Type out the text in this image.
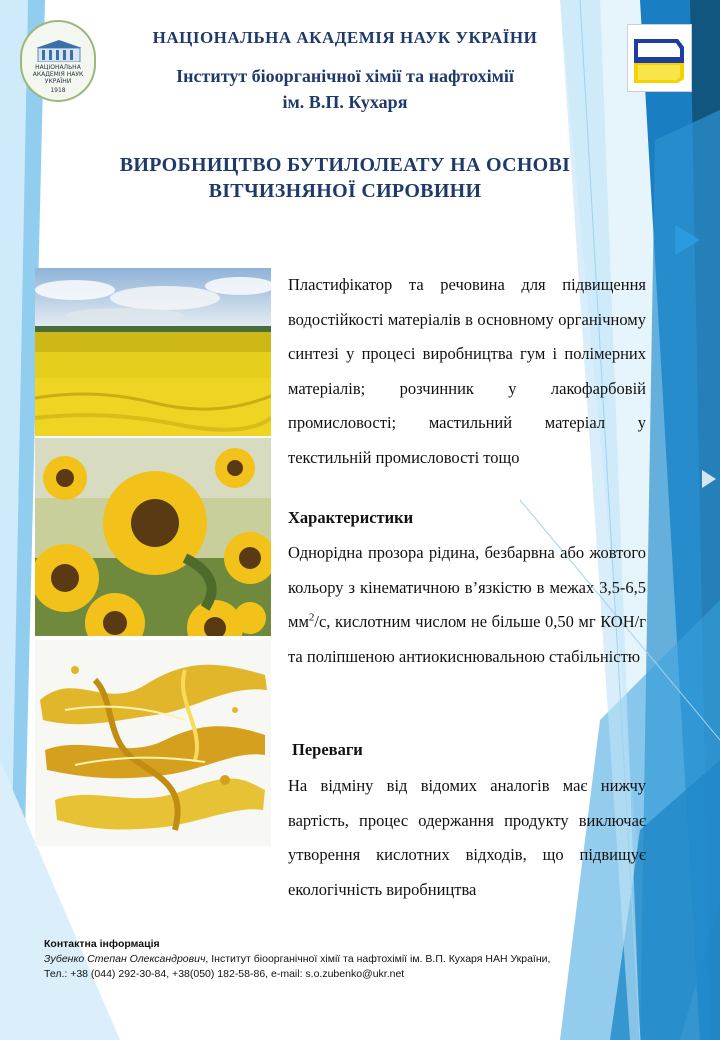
НАЦІОНАЛЬНА АКАДЕМІЯ НАУК УКРАЇНИ
1918
НАЦІОНАЛЬНА АКАДЕМІЯ НАУК УКРАЇНИ
Інститут біоорганічної хімії та нафтохімії
ім. В.П. Кухаря
ВИРОБНИЦТВО БУТИЛОЛЕАТУ НА ОСНОВІ
ВІТЧИЗНЯНОЇ СИРОВИНИ
Пластифікатор та речовина для підвищення водостійкості матеріалів в основному органічному синтезі у процесі виробництва гум і полімерних матеріалів; розчинник у лакофарбовій промисловості; мастильний матеріал у текстильній промисловості тощо
Характеристики
Однорідна прозора рідина, безбарвна або жовтого кольору з кінематичною в’язкістю в межах 3,5-6,5 $мм^2/с$, кислотним числом не більше 0,50 мг КОН/г та поліпшеною антиокиснювальною стабільністю
Переваги
На відміну від відомих аналогів має нижчу вартість, процес одержання продукту виключає утворення кислотних відходів, що підвищує екологічність виробництва
Контактна інформація
Зубенко Степан Олександрович, Інститут біоорганічної хімії та нафтохімії ім. В.П. Кухаря НАН України,
Тел.: +38 (044) 292-30-84, +38(050) 182-58-86, e-mail: s.o.zubenko@ukr.net
